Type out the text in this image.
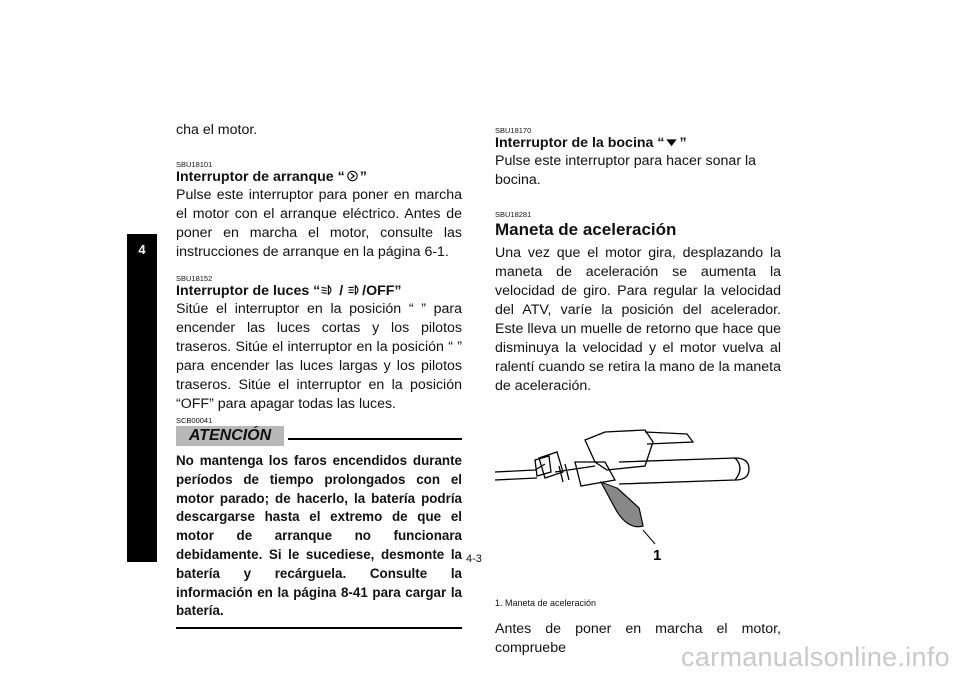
4

cha el motor.

SBU18101
Interruptor de arranque “ ”

Pulse este interruptor para poner en marcha el motor con el arranque eléctrico. Antes de poner en marcha el motor, consulte las instrucciones de arranque en la página 6-1.

SBU18152
Interruptor de luces “ / /OFF”

Sitúe el interruptor en la posición “ ” para encender las luces cortas y los pilotos traseros. Sitúe el interruptor en la posición “ ” para encender las luces largas y los pilotos traseros. Sitúe el interruptor en la posición “OFF” para apagar todas las luces.

SCB00041
ATENCIÓN
No mantenga los faros encendidos durante períodos de tiempo prolongados con el motor parado; de hacerlo, la batería podría descargarse hasta el extremo de que el motor de arranque no funcionara debidamente. Si le sucediese, desmonte la batería y recárguela. Consulte la información en la página 8-41 para cargar la batería.
SBU18170
Interruptor de la bocina “ ”

Pulse este interruptor para hacer sonar la bocina.

SBU18281
Maneta de aceleración

Una vez que el motor gira, desplazando la maneta de aceleración se aumenta la velocidad de giro. Para regular la velocidad del ATV, varíe la posición del acelerador. Este lleva un muelle de retorno que hace que disminuya la velocidad y el motor vuelva al ralentí cuando se retira la mano de la maneta de aceleración.

1
1. Maneta de aceleración

Antes de poner en marcha el motor, compruebe

4-3
carmanualsonline.info
